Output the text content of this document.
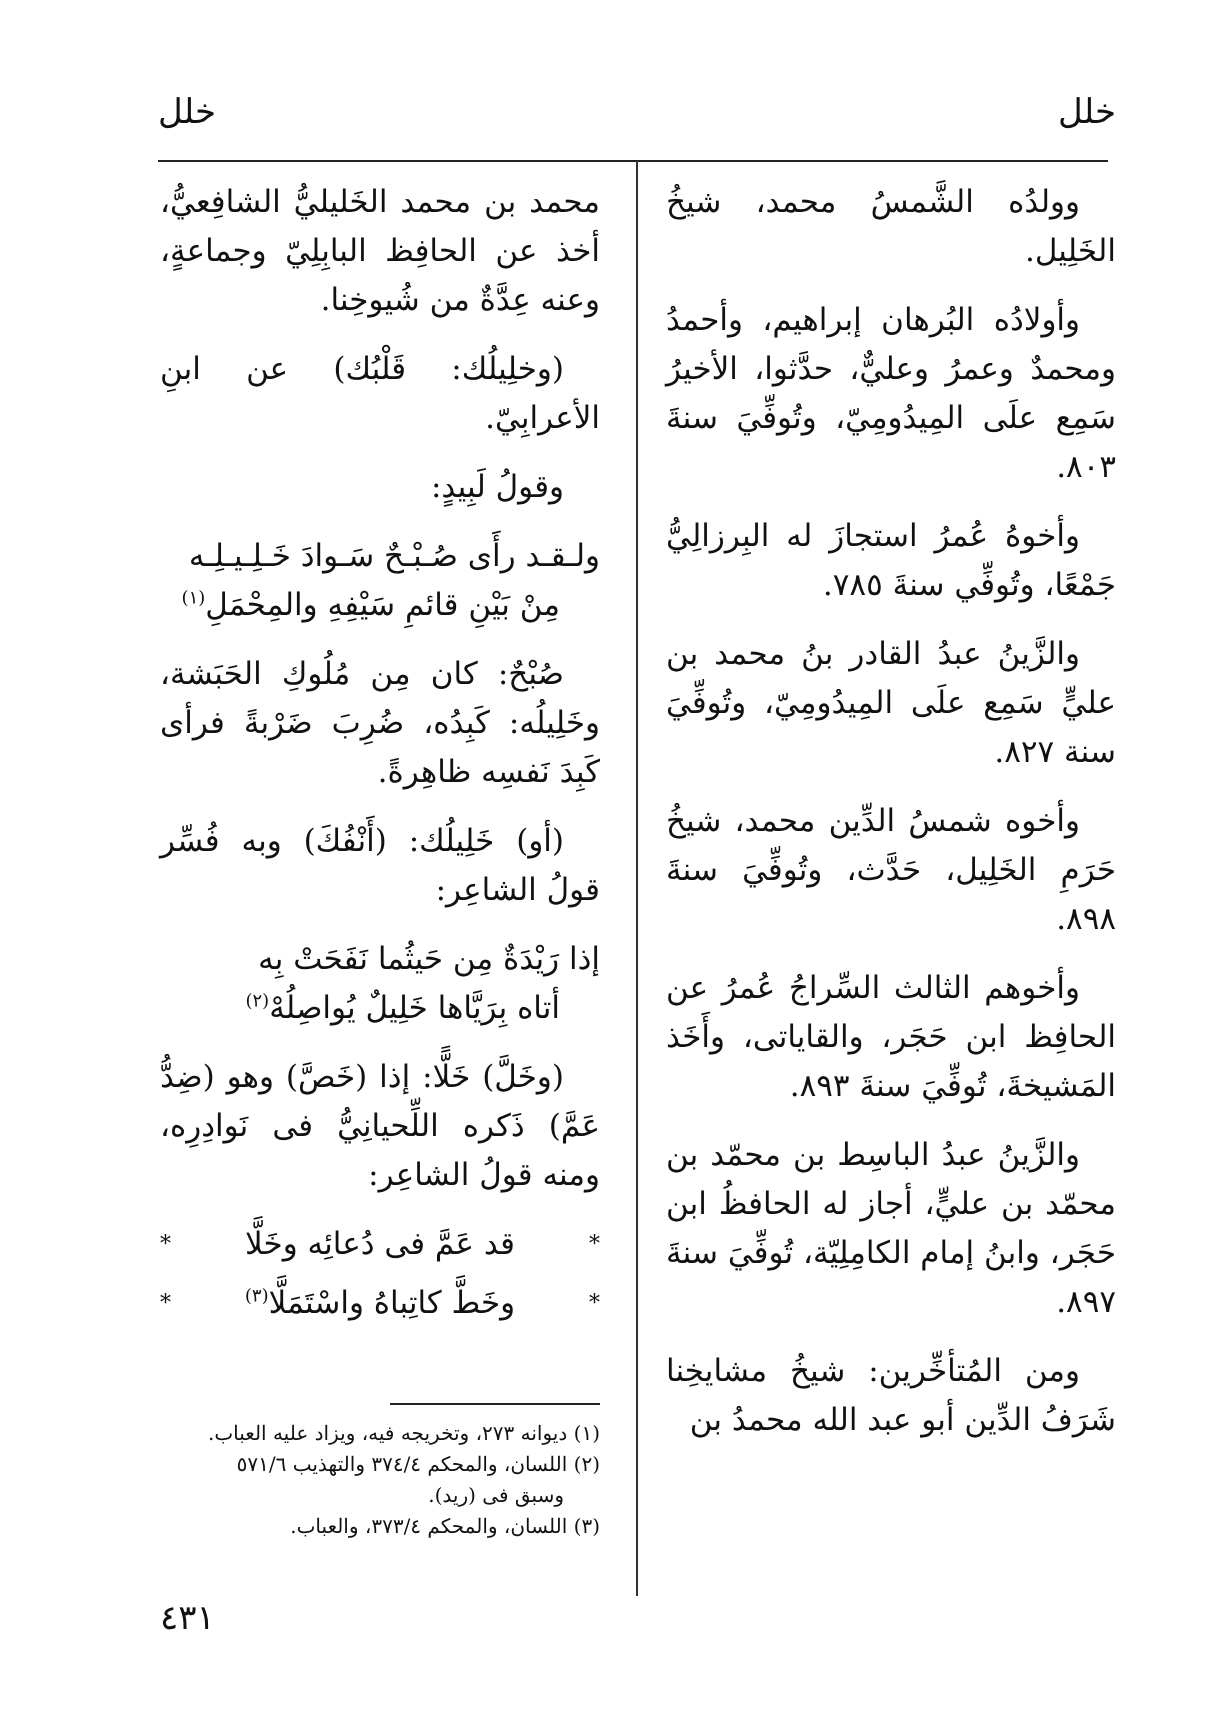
خلل
خلل

وولدُه الشَّمسُ محمد، شيخُ الخَلِيل.

وأولادُه البُرهان إبراهيم، وأحمدُ ومحمدٌ وعمرُ وعليٌّ، حدَّثوا، الأخيرُ سَمِع علَى المِيدُومِيّ، وتُوفِّيَ سنةَ ٨٠٣.

وأخوهُ عُمرُ استجازَ له البِرزالِيُّ جَمْعًا، وتُوفِّي سنةَ ٧٨٥.

والزَّينُ عبدُ القادر بنُ محمد بن عليٍّ سَمِع علَى المِيدُومِيّ، وتُوفِّيَ سنة ٨٢٧.

وأخوه شمسُ الدِّين محمد، شيخُ حَرَمِ الخَلِيل، حَدَّث، وتُوفِّيَ سنةَ ٨٩٨.

وأخوهم الثالث السِّراجُ عُمرُ عن الحافِظ ابن حَجَر، والقاياتى، وأَخَذ المَشيخةَ، تُوفِّيَ سنةَ ٨٩٣.

والزَّينُ عبدُ الباسِط بن محمّد بن محمّد بن عليٍّ، أجاز له الحافظُ ابن حَجَر، وابنُ إمام الكامِلِيّة، تُوفِّيَ سنةَ ٨٩٧.

ومن المُتأخِّرين: شيخُ مشايخِنا شَرَفُ الدِّين أبو عبد الله محمدُ بن

محمد بن محمد الخَليليُّ الشافِعيُّ، أخذ عن الحافِظ البابِلِيّ وجماعةٍ، وعنه عِدَّةٌ من شُيوخِنا.

(وخلِيلُك: قَلْبُك) عن ابنِ الأعرابِيّ.

وقولُ لَبِيدٍ:

ولـقـد رأَى صُـبْـحٌ سَـوادَ خَـلِـيـلِـه
مِنْ بَيْنِ قائمِ سَيْفِهِ والمِحْمَلِ$^{(١)}$

صُبْحٌ: كان مِن مُلُوكِ الحَبَشة، وخَلِيلُه: كَبِدُه، ضُرِبَ ضَرْبةً فرأى كَبِدَ نَفسِه ظاهِرةً.

(أو) خَلِيلُك: (أَنْفُكَ) وبه فُسِّر قولُ الشاعِر:

إذا رَيْدَةٌ مِن حَيثُما نَفَحَتْ بِه
أتاه بِرَيَّاها خَلِيلٌ يُواصِلُهْ$^{(٢)}$

(وخَلَّ) خَلًّا: إذا (خَصَّ) وهو (ضِدُّ عَمَّ) ذَكره اللِّحيانِيُّ فى نَوادِرِه، ومنه قولُ الشاعِر:

*
قد عَمَّ فى دُعائِه وخَلَّا
*
*
وخَطَّ كاتِباهُ واسْتَمَلَّا$^{(٣)}$
*
(١) ديوانه ٢٧٣، وتخريجه فيه، ويزاد عليه العباب.
(٢) اللسان، والمحكم ٣٧٤/٤ والتهذيب ٥٧١/٦
وسبق فى (ريد).
(٣) اللسان، والمحكم ٣٧٣/٤، والعباب.
٤٣١
